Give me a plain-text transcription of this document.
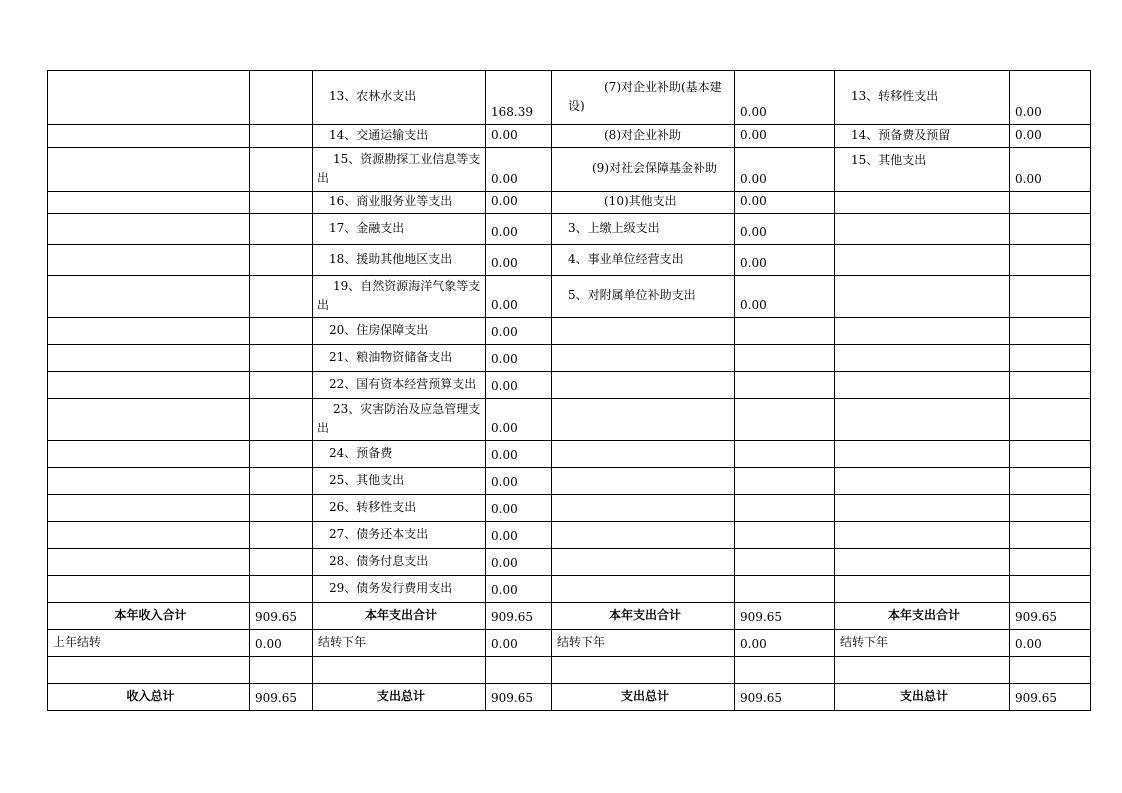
		13、农林水支出	168.39	(7)对企业补助(基本建设)	0.00	13、转移性支出	0.00
		14、交通运输支出	0.00	(8)对企业补助	0.00	14、预备费及预留	0.00
		15、资源勘探工业信息等支出	0.00	(9)对社会保障基金补助	0.00	15、其他支出	0.00
		16、商业服务业等支出	0.00	(10)其他支出	0.00		
		17、金融支出	0.00	3、上缴上级支出	0.00		
		18、援助其他地区支出	0.00	4、事业单位经营支出	0.00		
		19、自然资源海洋气象等支出	0.00	5、对附属单位补助支出	0.00		
		20、住房保障支出	0.00				
		21、粮油物资储备支出	0.00				
		22、国有资本经营预算支出	0.00				
		23、灾害防治及应急管理支出	0.00				
		24、预备费	0.00				
		25、其他支出	0.00				
		26、转移性支出	0.00				
		27、债务还本支出	0.00				
		28、债务付息支出	0.00				
		29、债务发行费用支出	0.00				
本年收入合计	909.65	本年支出合计	909.65	本年支出合计	909.65	本年支出合计	909.65
上年结转	0.00	结转下年	0.00	结转下年	0.00	结转下年	0.00

收入总计	909.65	支出总计	909.65	支出总计	909.65	支出总计	909.65
